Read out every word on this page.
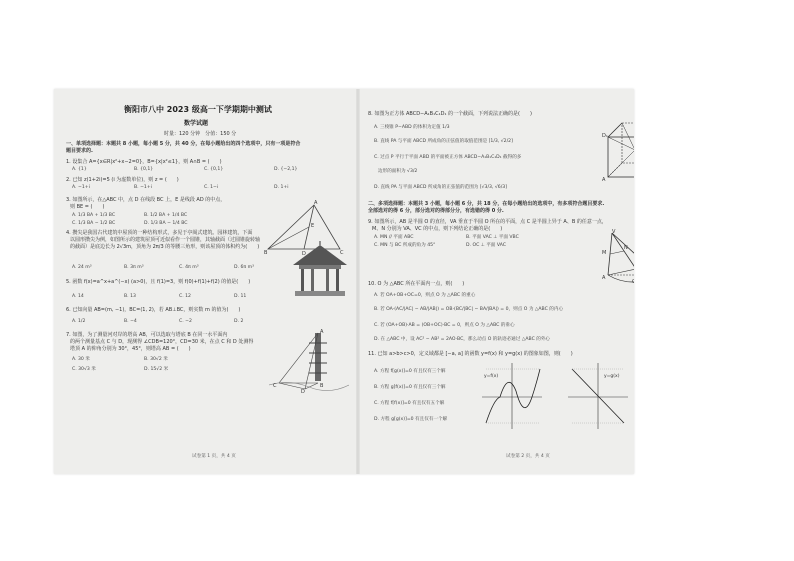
衡阳市八中 2023 级高一下学期期中测试
数学试题
时量：120 分钟　分值：150 分
一、单项选择题：本题共 8 小题，每小题 5 分，共 40 分，在每小题给出的四个选项中，只有一项是符合
题目要求的.
1. 设集合 A={x∈R|x²+x−2=0}，B={x|x²≤1}，则 A∩B = (　　)
A. {1}	B. {0,1}	C. {0,1}	D. {−2,1}
2. 已知 z(1+2i)=5 (i 为虚数单位)，则 z = (　　)
A. −1+i	B. −1+i	C. 1−i	D. 1+i
3. 如图所示，在△ABC 中，点 D 在线段 BC 上，E 是线段 AD 的中点，
则 BE = (　　)
A. 1/3 BA + 1/3 BC	B. 1/2 BA + 1/4 BC
C. 1/3 BA − 1/2 BC	D. 1/3 BA − 1/4 BC
A
B	C
D
E
4. 攒尖是我国古代建筑中屋顶的一种结构形式，多见于亭阁式建筑。园林建筑，下面
以圆形攒尖为例，如图所示的建筑屋顶可近似看作一个圆锥，其轴截面（过圆锥旋转轴
的截面）是底边长为 2√3m，顶角为 2π/3 的等腰三角形，则该屋顶的体积约为(　　)
A. 24 m³	B. 3π m³	C. 4π m³	D. 6π m³
5. 函数 f(x)=a^x+a^(−x) (a>0)，且 f(1)=3，则 f(0)+f(1)+f(2) 的值是(　　)
A. 14	B. 13	C. 12	D. 11
6. 已知向量 AB=(m, −1)，BC=(1, 2)，若 AB⊥BC，则实数 m 的值为(　　)
A. 1/2	B. −4	C. −2	D. 2
7. 如图，为了测量河对岸的塔高 AB，可以选取与塔底 B 在同一水平面内
的两个测量基点 C 与 D，现测得 ∠CDB=120°，CD=30 米，在点 C 和 D 处测得
塔顶 A 的仰角分别为 30°，45°，则塔高 AB = (　　)
A. 30 米	B. 30√2 米
C. 30√3 米	D. 15√2 米
A
B
C
D
试卷第 1 页，共 4 页
8. 如图为正方体 ABCD−A₁B₁C₁D₁ 的一个截面，下列说法正确的是(　　)
A. 三棱锥 P−ABD 的体积为定值 1/3
B. 直线 PA 与平面 ABCD 所成角的正弦值的取值范围是 [1/3, √2/2]
C. 过点 P 平行于平面 ABD 的平面被正方体 ABCD−A₁B₁C₁D₁ 截得的多
边形的面积为 √3/2
D. 直线 PA 与平面 ABCD 所成角的正弦值的范围为 [√3/3, √6/3]
D₁
A	B
C
二、多项选择题：本题共 3 小题，每小题 6 分，共 18 分，在每小题给出的选项中，有多项符合题目要求.
全部选对的得 6 分，部分选对的得部分分，有选错的得 0 分.
9. 如图所示，AB 是半圆 O 的直径，VA 垂直于半圆 O 所在的平面，点 C 是半圆上异于 A、B 的任意一点，
M、N 分别为 VA、VC 的中点，则下列结论正确的是(　　)
A. MN // 平面 ABC	B. 平面 VAC ⊥ 平面 VBC
C. MN 与 BC 所成的角为 45°	D. OC ⊥ 平面 VAC
V
M
N
A	B
C
O
10. O 为 △ABC 所在平面内一点，则(　　)
A. 若 OA+OB+OC=0，则点 O 为 △ABC 的重心
B. 若 OA·(AC/|AC| − AB/|AB|) = OB·(BC/|BC| − BA/|BA|) = 0，则点 O 为 △ABC 的内心
C. 若 (OA+OB)·AB = (OB+OC)·BC = 0，则点 O 为 △ABC 的垂心
D. 在 △ABC 中，设 AC² − AB² = 2AO·BC，那么动点 O 的轨迹必通过 △ABC 的外心
11. 已知 a>b>c>0，定义域都是 [−a, a] 的函数 y=f(x) 和 y=g(x) 的图象如图，则(　　)
A. 方程 f[g(x)]=0 有且仅有三个解
B. 方程 g[f(x)]=0 有且仅有三个解
C. 方程 f[f(x)]=0 有且仅有五个解
D. 方程 g[g(x)]=0 有且仅有一个解
y=f(x)	y=g(x)
试卷第 2 页，共 4 页
